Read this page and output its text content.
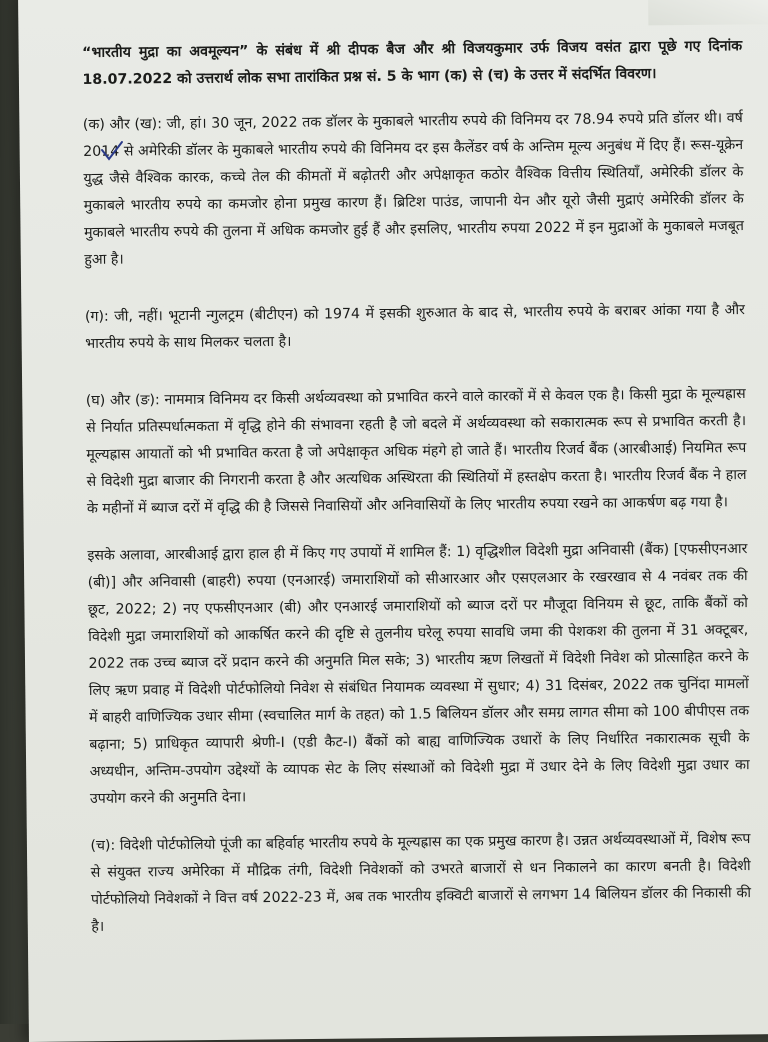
“भारतीय मुद्रा का अवमूल्यन” के संबंध में श्री दीपक बैज और श्री विजयकुमार उर्फ विजय वसंत द्वारा पूछे गए दिनांक 18.07.2022 को उत्तरार्थ लोक सभा तारांकित प्रश्न सं. 5 के भाग (क) से (च) के उत्तर में संदर्भित विवरण।

(क) और (ख): जी, हां। 30 जून, 2022 तक डॉलर के मुकाबले भारतीय रुपये की विनिमय दर 78.94 रुपये प्रति डॉलर थी। वर्ष 2014 से अमेरिकी डॉलर के मुकाबले भारतीय रुपये की विनिमय दर इस कैलेंडर वर्ष के अन्तिम मूल्य अनुबंध में दिए हैं। रूस-यूक्रेन युद्ध जैसे वैश्विक कारक, कच्चे तेल की कीमतों में बढ़ोतरी और अपेक्षाकृत कठोर वैश्विक वित्तीय स्थितियाँ, अमेरिकी डॉलर के मुकाबले भारतीय रुपये का कमजोर होना प्रमुख कारण हैं। ब्रिटिश पाउंड, जापानी येन और यूरो जैसी मुद्राएं अमेरिकी डॉलर के मुकाबले भारतीय रुपये की तुलना में अधिक कमजोर हुई हैं और इसलिए, भारतीय रुपया 2022 में इन मुद्राओं के मुकाबले मजबूत हुआ है।

(ग): जी, नहीं। भूटानी न्गुलट्रम (बीटीएन) को 1974 में इसकी शुरुआत के बाद से, भारतीय रुपये के बराबर आंका गया है और भारतीय रुपये के साथ मिलकर चलता है।

(घ) और (ङ): नाममात्र विनिमय दर किसी अर्थव्यवस्था को प्रभावित करने वाले कारकों में से केवल एक है। किसी मुद्रा के मूल्यह्रास से निर्यात प्रतिस्पर्धात्मकता में वृद्धि होने की संभावना रहती है जो बदले में अर्थव्यवस्था को सकारात्मक रूप से प्रभावित करती है। मूल्यह्रास आयातों को भी प्रभावित करता है जो अपेक्षाकृत अधिक मंहगे हो जाते हैं। भारतीय रिजर्व बैंक (आरबीआई) नियमित रूप से विदेशी मुद्रा बाजार की निगरानी करता है और अत्यधिक अस्थिरता की स्थितियों में हस्तक्षेप करता है। भारतीय रिजर्व बैंक ने हाल के महीनों में ब्याज दरों में वृद्धि की है जिससे निवासियों और अनिवासियों के लिए भारतीय रुपया रखने का आकर्षण बढ़ गया है।

इसके अलावा, आरबीआई द्वारा हाल ही में किए गए उपायों में शामिल हैं: 1) वृद्धिशील विदेशी मुद्रा अनिवासी (बैंक) [एफसीएनआर (बी)] और अनिवासी (बाहरी) रुपया (एनआरई) जमाराशियों को सीआरआर और एसएलआर के रखरखाव से 4 नवंबर तक की छूट, 2022; 2) नए एफसीएनआर (बी) और एनआरई जमाराशियों को ब्याज दरों पर मौजूदा विनियम से छूट, ताकि बैंकों को विदेशी मुद्रा जमाराशियों को आकर्षित करने की दृष्टि से तुलनीय घरेलू रुपया सावधि जमा की पेशकश की तुलना में 31 अक्टूबर, 2022 तक उच्च ब्याज दरें प्रदान करने की अनुमति मिल सके; 3) भारतीय ऋण लिखतों में विदेशी निवेश को प्रोत्साहित करने के लिए ऋण प्रवाह में विदेशी पोर्टफोलियो निवेश से संबंधित नियामक व्यवस्था में सुधार; 4) 31 दिसंबर, 2022 तक चुनिंदा मामलों में बाहरी वाणिज्यिक उधार सीमा (स्वचालित मार्ग के तहत) को 1.5 बिलियन डॉलर और समग्र लागत सीमा को 100 बीपीएस तक बढ़ाना; 5) प्राधिकृत व्यापारी श्रेणी-I (एडी कैट-I) बैंकों को बाह्य वाणिज्यिक उधारों के लिए निर्धारित नकारात्मक सूची के अध्यधीन, अन्तिम-उपयोग उद्देश्यों के व्यापक सेट के लिए संस्थाओं को विदेशी मुद्रा में उधार देने के लिए विदेशी मुद्रा उधार का उपयोग करने की अनुमति देना।

(च): विदेशी पोर्टफोलियो पूंजी का बहिर्वाह भारतीय रुपये के मूल्यह्रास का एक प्रमुख कारण है। उन्नत अर्थव्यवस्थाओं में, विशेष रूप से संयुक्त राज्य अमेरिका में मौद्रिक तंगी, विदेशी निवेशकों को उभरते बाजारों से धन निकालने का कारण बनती है। विदेशी पोर्टफोलियो निवेशकों ने वित्त वर्ष 2022-23 में, अब तक भारतीय इक्विटी बाजारों से लगभग 14 बिलियन डॉलर की निकासी की है।
